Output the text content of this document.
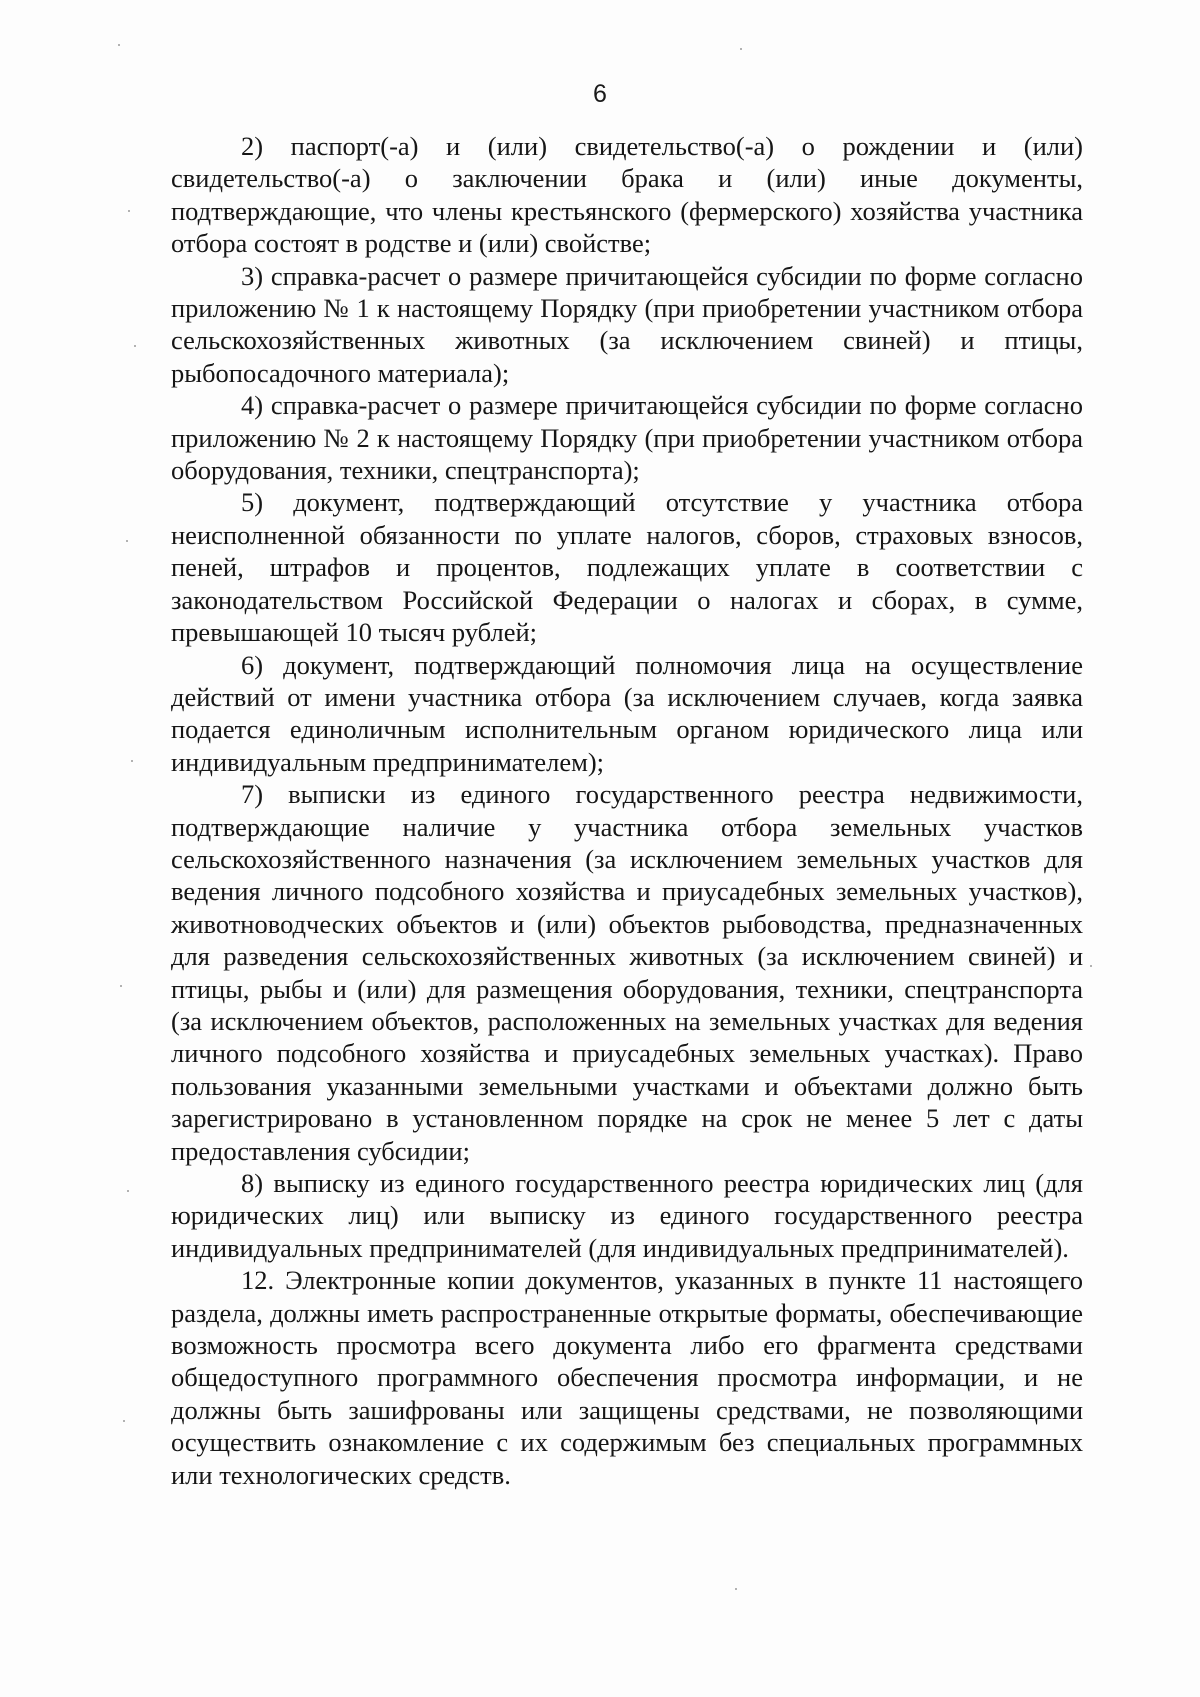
6

2) паспорт(-а) и (или) свидетельство(-а) о рождении и (или) свидетельство(-а) о заключении брака и (или) иные документы, подтверждающие, что члены крестьянского (фермерского) хозяйства участника отбора состоят в родстве и (или) свойстве;

3) справка-расчет о размере причитающейся субсидии по форме согласно приложению № 1 к настоящему Порядку (при приобретении участником отбора сельскохозяйственных животных (за исключением свиней) и птицы, рыбопосадочного материала);

4) справка-расчет о размере причитающейся субсидии по форме согласно приложению № 2 к настоящему Порядку (при приобретении участником отбора оборудования, техники, спецтранспорта);

5) документ, подтверждающий отсутствие у участника отбора неисполненной обязанности по уплате налогов, сборов, страховых взносов, пеней, штрафов и процентов, подлежащих уплате в соответствии с законодательством Российской Федерации о налогах и сборах, в сумме, превышающей 10 тысяч рублей;

6) документ, подтверждающий полномочия лица на осуществление действий от имени участника отбора (за исключением случаев, когда заявка подается единоличным исполнительным органом юридического лица или индивидуальным предпринимателем);

7) выписки из единого государственного реестра недвижимости, подтверждающие наличие у участника отбора земельных участков сельскохозяйственного назначения (за исключением земельных участков для ведения личного подсобного хозяйства и приусадебных земельных участков), животноводческих объектов и (или) объектов рыбоводства, предназначенных для разведения сельскохозяйственных животных (за исключением свиней) и птицы, рыбы и (или) для размещения оборудования, техники, спецтранспорта (за исключением объектов, расположенных на земельных участках для ведения личного подсобного хозяйства и приусадебных земельных участках). Право пользования указанными земельными участками и объектами должно быть зарегистрировано в установленном порядке на срок не менее 5 лет с даты предоставления субсидии;

8) выписку из единого государственного реестра юридических лиц (для юридических лиц) или выписку из единого государственного реестра индивидуальных предпринимателей (для индивидуальных предпринимателей).

12. Электронные копии документов, указанных в пункте 11 настоящего раздела, должны иметь распространенные открытые форматы, обеспечивающие возможность просмотра всего документа либо его фрагмента средствами общедоступного программного обеспечения просмотра информации, и не должны быть зашифрованы или защищены средствами, не позволяющими осуществить ознакомление с их содержимым без специальных программных или технологических средств.
